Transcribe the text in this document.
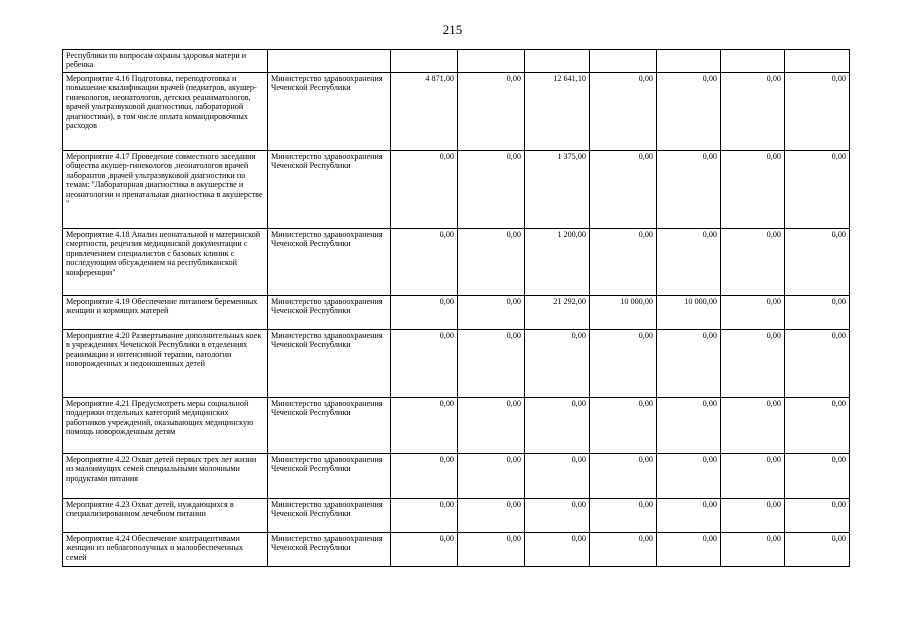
215
Республики по вопросам охраны здоровья матери и ребенка								
Мероприятие 4.16 Подготовка, переподготовка и повышение квалификации врачей (педиатров, акушер-гинекологов, неонатологов, детских реаниматологов, врачей ультразвуковой диагностики, лабораторной диагностики), в том числе оплата командировочных расходов	Министерство здравоохранения Чеченской Республики	4 871,00	0,00	12 641,10	0,00	0,00	0,00	0,00
Мероприятие 4.17 Проведение совместного заседания общества акушер-гинекологов ,неонатологов врачей лаборантов ,врачей ультразвуковой диагностики по темам: "Лабораторная диагностика в акушерстве и неонатологии и пренатальная диагностика в акушерстве "	Министерство здравоохранения Чеченской Республики	0,00	0,00	1 375,00	0,00	0,00	0,00	0,00
Мероприятие 4.18 Анализ неонатальной и материнской смертности, рецензия медицинской документации с привлечением специалистов с базовых клиник с последующим обсуждением на республиканской конференции"	Министерство здравоохранения Чеченской Республики	0,00	0,00	1 200,00	0,00	0,00	0,00	0,00
Мероприятие 4.19 Обеспечение питанием беременных женщин и кормящих матерей	Министерство здравоохранения Чеченской Республики	0,00	0,00	21 292,00	10 000,00	10 000,00	0,00	0,00
Мероприятие 4.20 Развертывание дополнительных коек в учреждениях Чеченской Республики в отделениях реанимации и интенсивной терапии, патологии новорожденных и недоношенных детей	Министерство здравоохранения Чеченской Республики	0,00	0,00	0,00	0,00	0,00	0,00	0,00
Мероприятие 4.21 Предусмотреть меры социальной поддержки отдельных категорий медицинских работников учреждений, оказывающих медицинскую помощь новорожденным детям	Министерство здравоохранения Чеченской Республики	0,00	0,00	0,00	0,00	0,00	0,00	0,00
Мероприятие 4.22 Охват детей первых трех лет жизни из малоимущих семей специальными молочными продуктами питания	Министерство здравоохранения Чеченской Республики	0,00	0,00	0,00	0,00	0,00	0,00	0,00
Мероприятие 4.23 Охват детей, нуждающихся в специализированном лечебном питании	Министерство здравоохранения Чеченской Республики	0,00	0,00	0,00	0,00	0,00	0,00	0,00
Мероприятие 4.24 Обеспечение контрацептивами женщин из неблагополучных и малообеспеченных семей	Министерство здравоохранения Чеченской Республики	0,00	0,00	0,00	0,00	0,00	0,00	0,00
